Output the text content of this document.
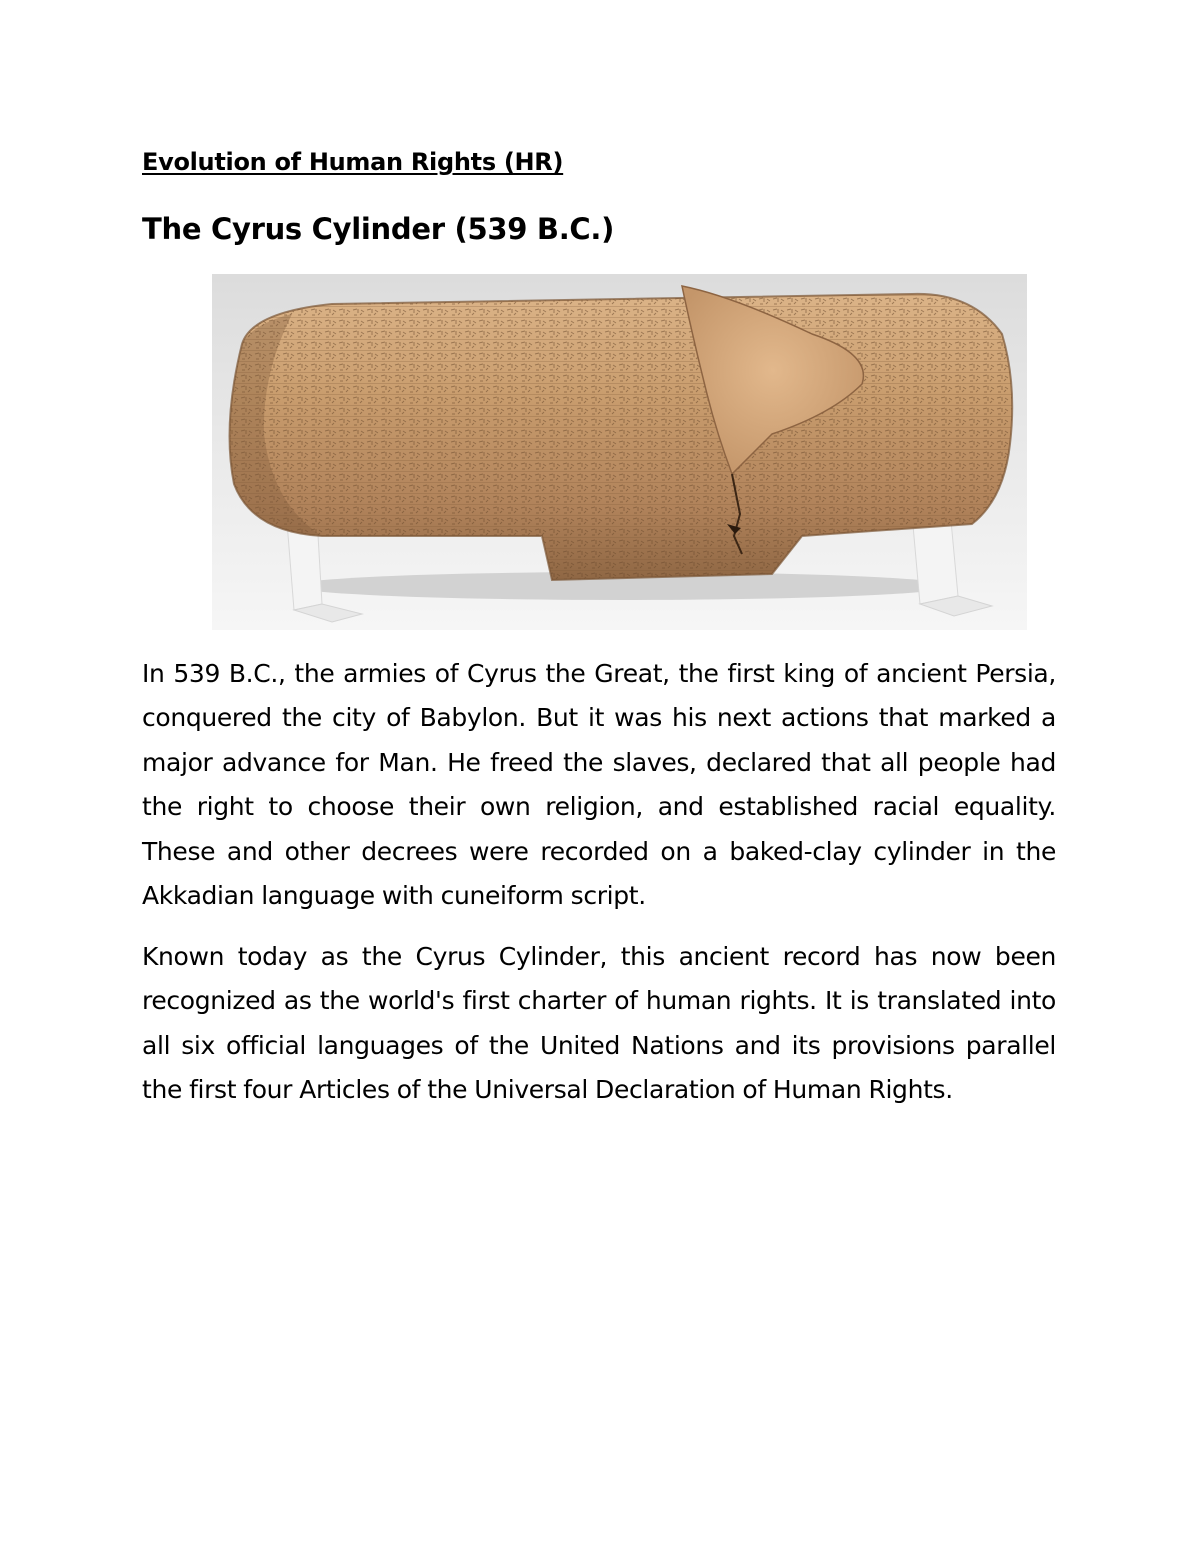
Evolution of Human Rights (HR)
The Cyrus Cylinder (539 B.C.)

In 539 B.C., the armies of Cyrus the Great, the first king of ancient Persia, conquered the city of Babylon. But it was his next actions that marked a major advance for Man. He freed the slaves, declared that all people had the right to choose their own religion, and established racial equality. These and other decrees were recorded on a baked-clay cylinder in the Akkadian language with cuneiform script.

Known today as the Cyrus Cylinder, this ancient record has now been recognized as the world's first charter of human rights. It is translated into all six official languages of the United Nations and its provisions parallel the first four Articles of the Universal Declaration of Human Rights.
